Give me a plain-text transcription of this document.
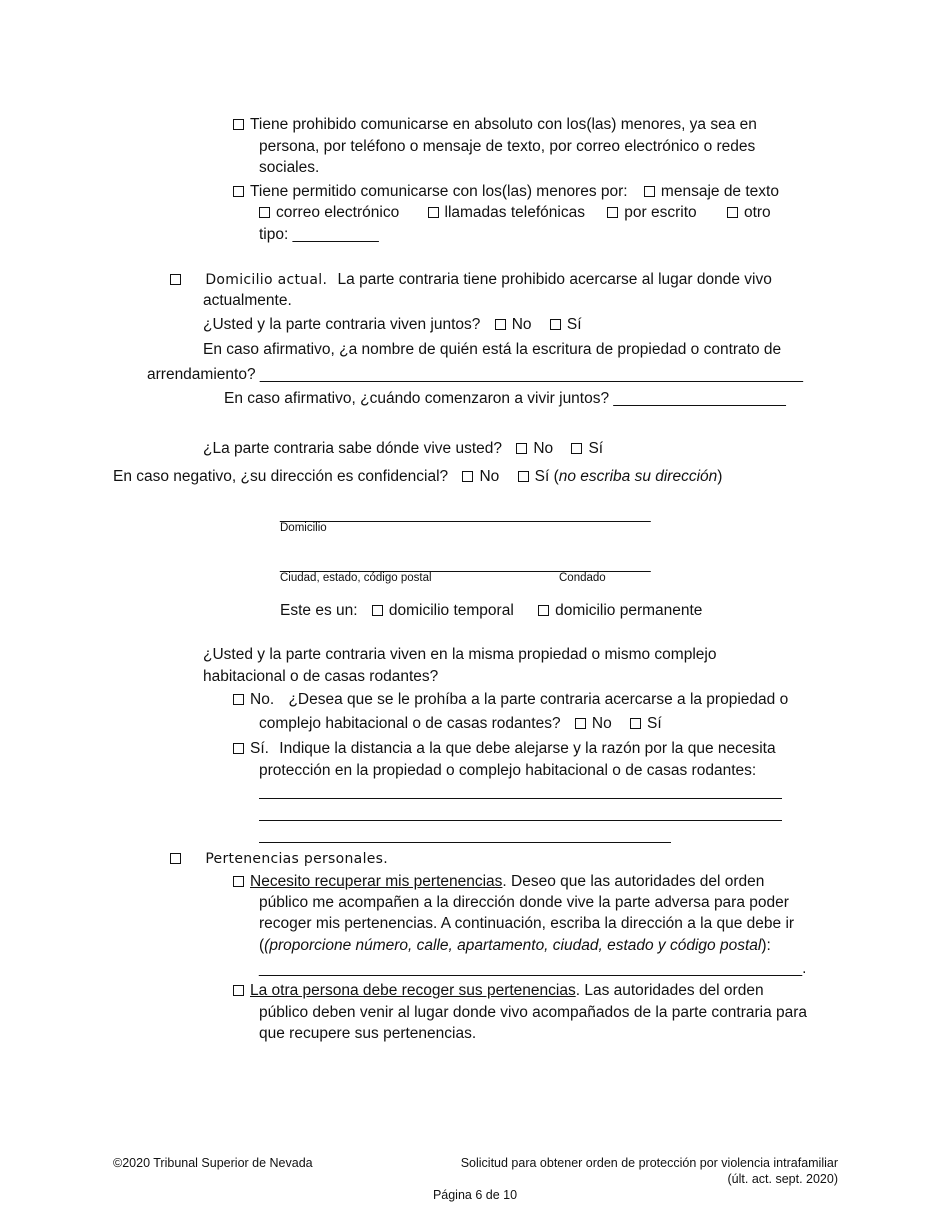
Tiene prohibido comunicarse en absoluto con los(las) menores, ya sea en
persona, por teléfono o mensaje de texto, por correo electrónico o redes
sociales.
Tiene permitido comunicarse con los(las) menores por: mensaje de texto
correo electrónico	llamadas telefónicas	por escrito	otro
tipo: __________
Domicilio actual. La parte contraria tiene prohibido acercarse al lugar donde vivo
actualmente.
¿Usted y la parte contraria viven juntos? No Sí
En caso afirmativo, ¿a nombre de quién está la escritura de propiedad o contrato de
arrendamiento? _______________________________________________________________
En caso afirmativo, ¿cuándo comenzaron a vivir juntos? ____________________
¿La parte contraria sabe dónde vive usted? No Sí
En caso negativo, ¿su dirección es confidencial? No Sí (no escriba su dirección)
___________________________________________
Domicilio
___________________________________________
Ciudad, estado, código postal	Condado
Este es un: domicilio temporal	domicilio permanente
¿Usted y la parte contraria viven en la misma propiedad o mismo complejo
habitacional o de casas rodantes?
No. ¿Desea que se le prohíba a la parte contraria acercarse a la propiedad o
complejo habitacional o de casas rodantes? No Sí
Sí. Indique la distancia a la que debe alejarse y la razón por la que necesita
protección en la propiedad o complejo habitacional o de casas rodantes:
Pertenencias personales.
Necesito recuperar mis pertenencias. Deseo que las autoridades del orden
público me acompañen a la dirección donde vive la parte adversa para poder
recoger mis pertenencias. A continuación, escriba la dirección a la que debe ir
((proporcione número, calle, apartamento, ciudad, estado y código postal):
_______________________________________________________________.
La otra persona debe recoger sus pertenencias. Las autoridades del orden
público deben venir al lugar donde vivo acompañados de la parte contraria para
que recupere sus pertenencias.
©2020 Tribunal Superior de Nevada	Solicitud para obtener orden de protección por violencia intrafamiliar
(últ. act. sept. 2020)
Página 6 de 10
